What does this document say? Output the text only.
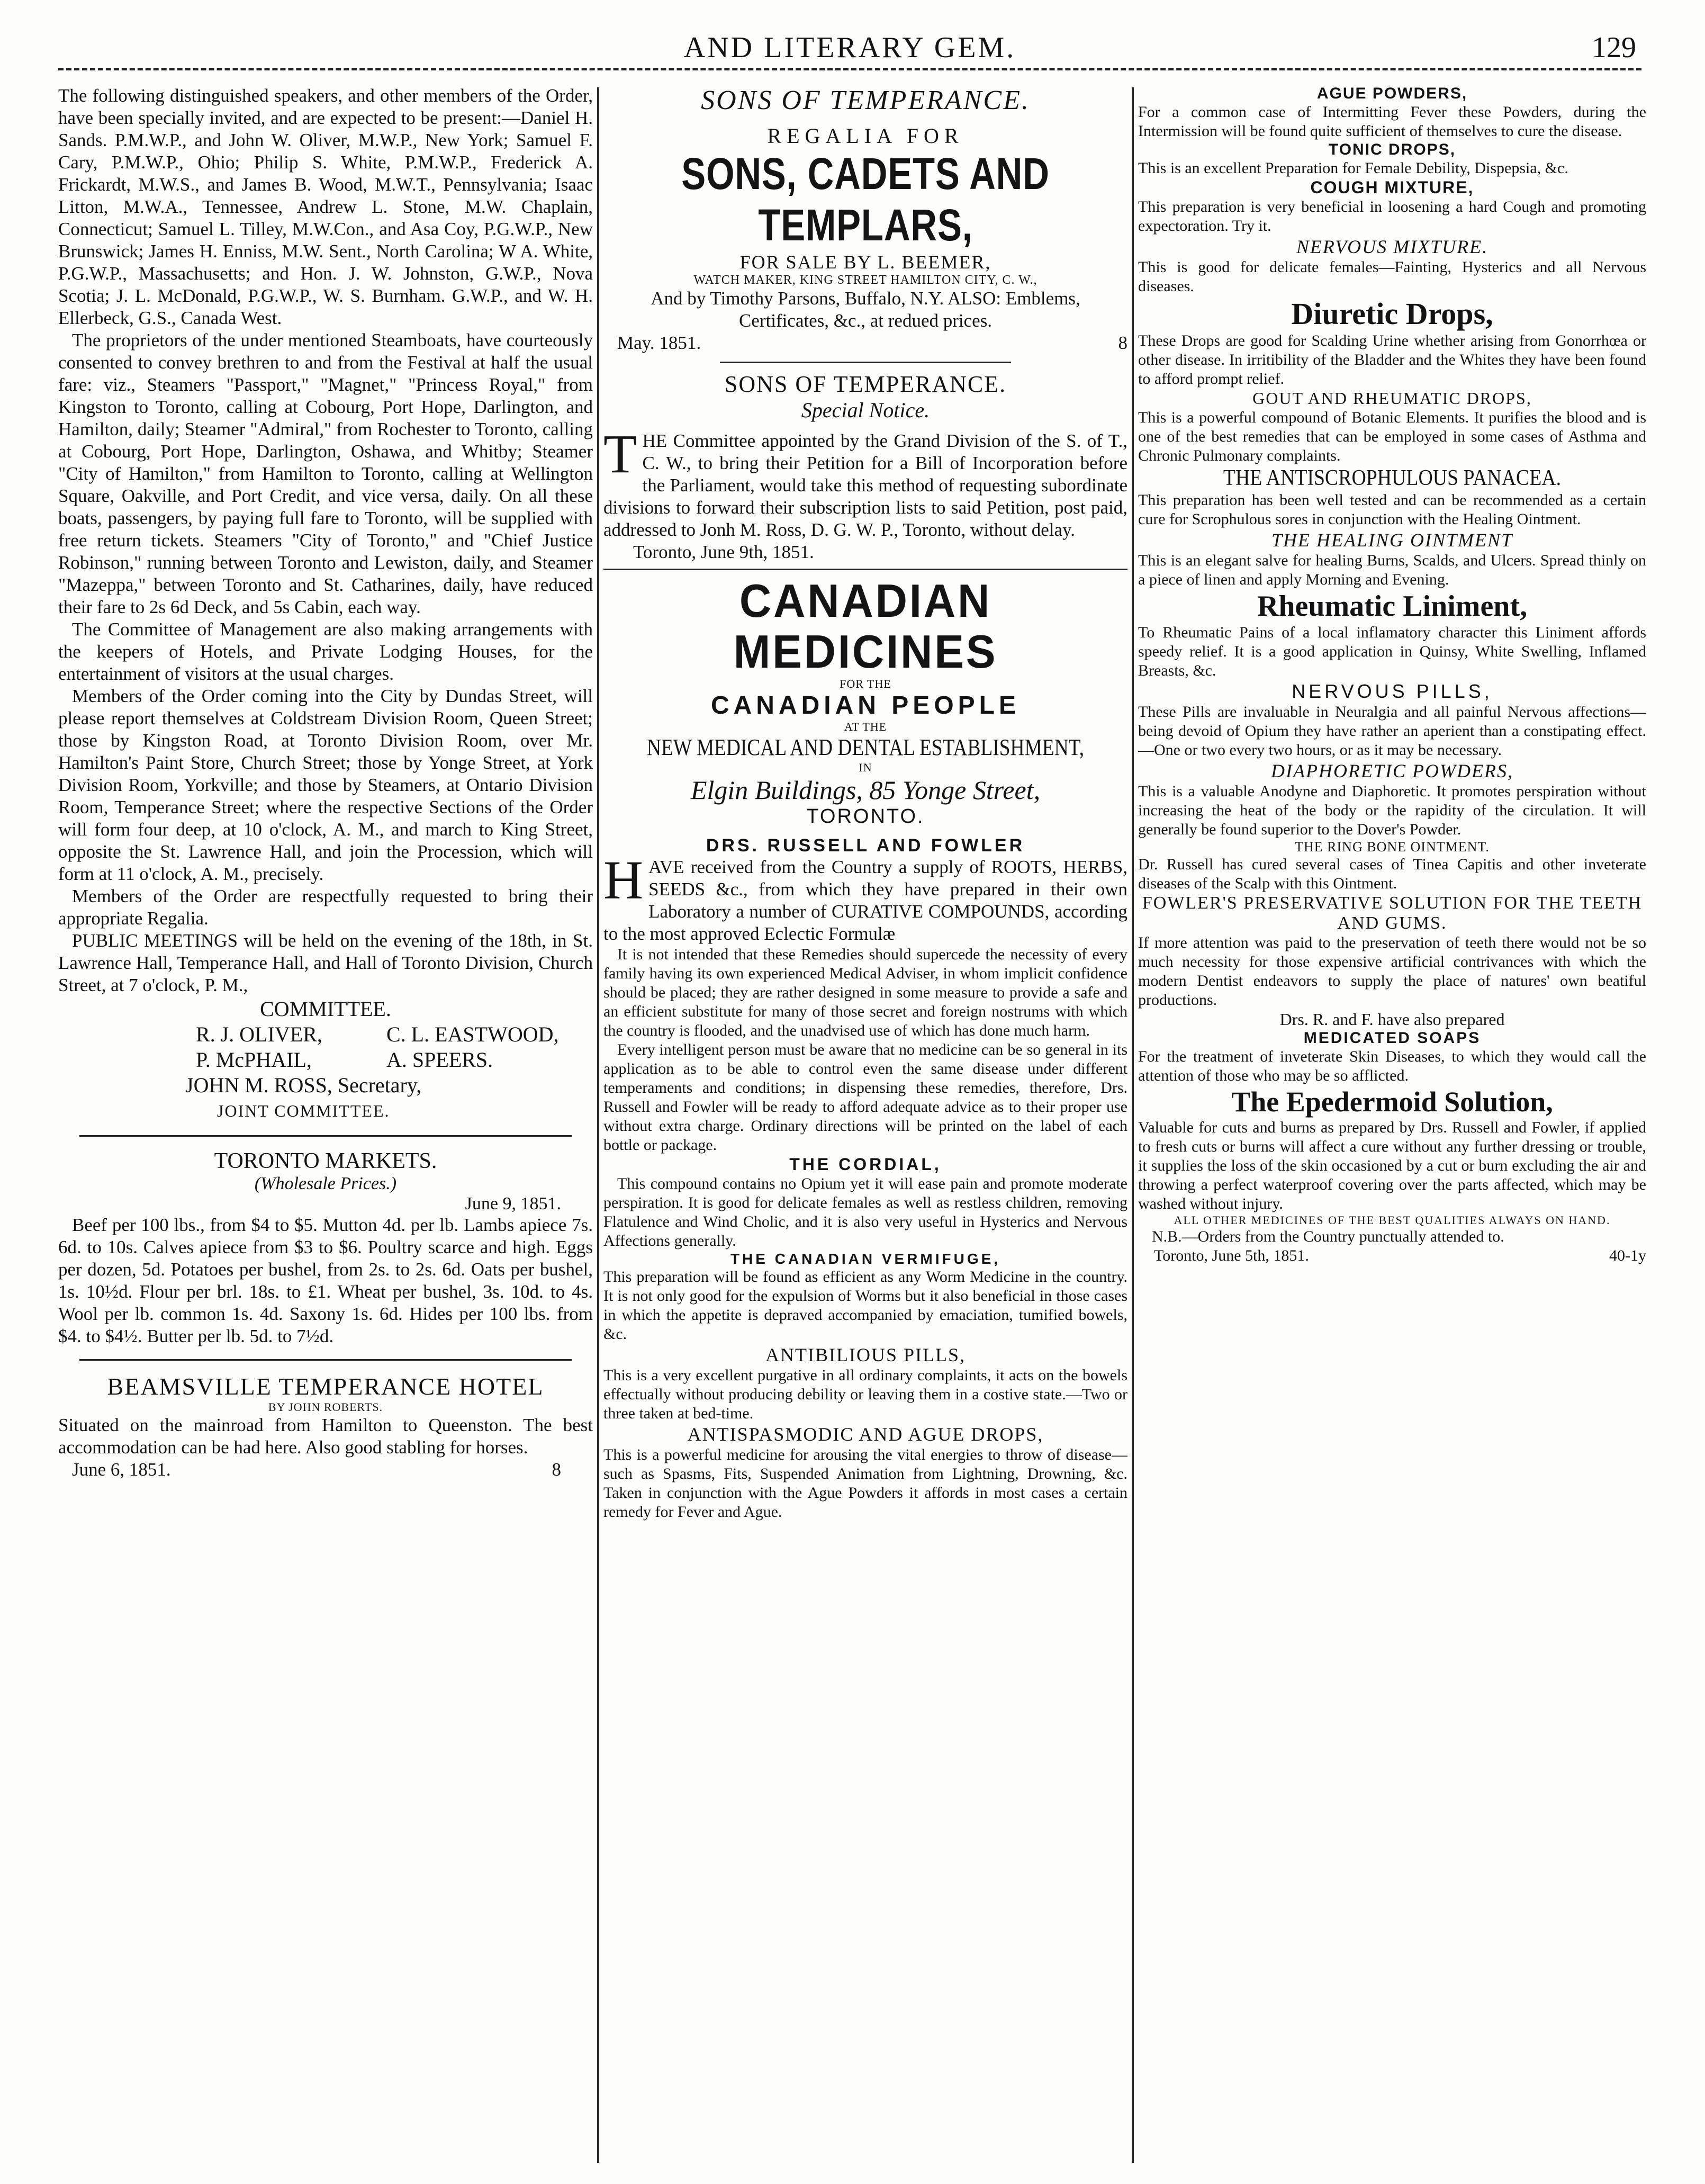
AND LITERARY GEM.	129

The following distinguished speakers, and other members of the Order, have been specially invited, and are expected to be present:—Daniel H. Sands. P.M.W.P., and John W. Oliver, M.W.P., New York; Samuel F. Cary, P.M.W.P., Ohio; Philip S. White, P.M.W.P., Frederick A. Frickardt, M.W.S., and James B. Wood, M.W.T., Pennsylvania; Isaac Litton, M.W.A., Tennessee, Andrew L. Stone, M.W. Chaplain, Connecticut; Samuel L. Tilley, M.W.Con., and Asa Coy, P.G.W.P., New Brunswick; James H. Enniss, M.W. Sent., North Carolina; W A. White, P.G.W.P., Massachusetts; and Hon. J. W. Johnston, G.W.P., Nova Scotia; J. L. McDonald, P.G.W.P., W. S. Burnham. G.W.P., and W. H. Ellerbeck, G.S., Canada West.

The proprietors of the under mentioned Steamboats, have courteously consented to convey brethren to and from the Festival at half the usual fare: viz., Steamers "Passport," "Magnet," "Princess Royal," from Kingston to Toronto, calling at Cobourg, Port Hope, Darlington, and Hamilton, daily; Steamer "Admiral," from Rochester to Toronto, calling at Cobourg, Port Hope, Darlington, Oshawa, and Whitby; Steamer "City of Hamilton," from Hamilton to Toronto, calling at Wellington Square, Oakville, and Port Credit, and vice versa, daily. On all these boats, passengers, by paying full fare to Toronto, will be supplied with free return tickets. Steamers "City of Toronto," and "Chief Justice Robinson," running between Toronto and Lewiston, daily, and Steamer "Mazeppa," between Toronto and St. Catharines, daily, have reduced their fare to 2s 6d Deck, and 5s Cabin, each way.

The Committee of Management are also making arrangements with the keepers of Hotels, and Private Lodging Houses, for the entertainment of visitors at the usual charges.

Members of the Order coming into the City by Dundas Street, will please report themselves at Coldstream Division Room, Queen Street; those by Kingston Road, at Toronto Division Room, over Mr. Hamilton's Paint Store, Church Street; those by Yonge Street, at York Division Room, Yorkville; and those by Steamers, at Ontario Division Room, Temperance Street; where the respective Sections of the Order will form four deep, at 10 o'clock, A. M., and march to King Street, opposite the St. Lawrence Hall, and join the Procession, which will form at 11 o'clock, A. M., precisely.

Members of the Order are respectfully requested to bring their appropriate Regalia.

PUBLIC MEETINGS will be held on the evening of the 18th, in St. Lawrence Hall, Temperance Hall, and Hall of Toronto Division, Church Street, at 7 o'clock, P. M.,

COMMITTEE.

R. J. OLIVER,	C. L. EASTWOOD,
P. McPHAIL,	A. SPEERS.

JOHN M. ROSS, Secretary,

JOINT COMMITTEE.

TORONTO MARKETS.

(Wholesale Prices.)

June 9, 1851.

Beef per 100 lbs., from $4 to $5. Mutton 4d. per lb. Lambs apiece 7s. 6d. to 10s. Calves apiece from $3 to $6. Poultry scarce and high. Eggs per dozen, 5d. Potatoes per bushel, from 2s. to 2s. 6d. Oats per bushel, 1s. 10½d. Flour per brl. 18s. to £1. Wheat per bushel, 3s. 10d. to 4s. Wool per lb. common 1s. 4d. Saxony 1s. 6d. Hides per 100 lbs. from $4. to $4½. Butter per lb. 5d. to 7½d.

BEAMSVILLE TEMPERANCE HOTEL

BY JOHN ROBERTS.

Situated on the mainroad from Hamilton to Queenston. The best accommodation can be had here. Also good stabling for horses.

June 6, 1851.	8

SONS OF TEMPERANCE.

REGALIA FOR

SONS, CADETS AND TEMPLARS,

FOR SALE BY L. BEEMER,

WATCH MAKER, KING STREET HAMILTON CITY, C. W.,

And by Timothy Parsons, Buffalo, N.Y. ALSO: Emblems, Certificates, &c., at redued prices.

May. 1851.	8

SONS OF TEMPERANCE.

Special Notice.

THE Committee appointed by the Grand Division of the S. of T., C. W., to bring their Petition for a Bill of Incorporation before the Parliament, would take this method of requesting subordinate divisions to forward their subscription lists to said Petition, post paid, addressed to Jonh M. Ross, D. G. W. P., Toronto, without delay.

Toronto, June 9th, 1851.

CANADIAN MEDICINES

FOR THE

CANADIAN PEOPLE

AT THE

NEW MEDICAL AND DENTAL ESTABLISHMENT,

IN

Elgin Buildings, 85 Yonge Street,

TORONTO.

DRS. RUSSELL AND FOWLER

HAVE received from the Country a supply of ROOTS, HERBS, SEEDS &c., from which they have prepared in their own Laboratory a number of CURATIVE COMPOUNDS, according to the most approved Eclectic Formulæ

It is not intended that these Remedies should supercede the necessity of every family having its own experienced Medical Adviser, in whom implicit confidence should be placed; they are rather designed in some measure to provide a safe and an efficient substitute for many of those secret and foreign nostrums with which the country is flooded, and the unadvised use of which has done much harm.

Every intelligent person must be aware that no medicine can be so general in its application as to be able to control even the same disease under different temperaments and conditions; in dispensing these remedies, therefore, Drs. Russell and Fowler will be ready to afford adequate advice as to their proper use without extra charge. Ordinary directions will be printed on the label of each bottle or package.

THE CORDIAL,

This compound contains no Opium yet it will ease pain and promote moderate perspiration. It is good for delicate females as well as restless children, removing Flatulence and Wind Cholic, and it is also very useful in Hysterics and Nervous Affections generally.

THE CANADIAN VERMIFUGE,

This preparation will be found as efficient as any Worm Medicine in the country. It is not only good for the expulsion of Worms but it also beneficial in those cases in which the appetite is depraved accompanied by emaciation, tumified bowels, &c.

ANTIBILIOUS PILLS,

This is a very excellent purgative in all ordinary complaints, it acts on the bowels effectually without producing debility or leaving them in a costive state.—Two or three taken at bed-time.

ANTISPASMODIC AND AGUE DROPS,

This is a powerful medicine for arousing the vital energies to throw of disease—such as Spasms, Fits, Suspended Animation from Lightning, Drowning, &c. Taken in conjunction with the Ague Powders it affords in most cases a certain remedy for Fever and Ague.

AGUE POWDERS,

For a common case of Intermitting Fever these Powders, during the Intermission will be found quite sufficient of themselves to cure the disease.

TONIC DROPS,

This is an excellent Preparation for Female Debility, Dispepsia, &c.

COUGH MIXTURE,

This preparation is very beneficial in loosening a hard Cough and promoting expectoration. Try it.

NERVOUS MIXTURE.

This is good for delicate females—Fainting, Hysterics and all Nervous diseases.

Diuretic Drops,

These Drops are good for Scalding Urine whether arising from Gonorrhœa or other disease. In irritibility of the Bladder and the Whites they have been found to afford prompt relief.

GOUT AND RHEUMATIC DROPS,

This is a powerful compound of Botanic Elements. It purifies the blood and is one of the best remedies that can be employed in some cases of Asthma and Chronic Pulmonary complaints.

THE ANTISCROPHULOUS PANACEA.

This preparation has been well tested and can be recommended as a certain cure for Scrophulous sores in conjunction with the Healing Ointment.

THE HEALING OINTMENT

This is an elegant salve for healing Burns, Scalds, and Ulcers. Spread thinly on a piece of linen and apply Morning and Evening.

Rheumatic Liniment,

To Rheumatic Pains of a local inflamatory character this Liniment affords speedy relief. It is a good application in Quinsy, White Swelling, Inflamed Breasts, &c.

NERVOUS PILLS,

These Pills are invaluable in Neuralgia and all painful Nervous affections—being devoid of Opium they have rather an aperient than a constipating effect.—One or two every two hours, or as it may be necessary.

DIAPHORETIC POWDERS,

This is a valuable Anodyne and Diaphoretic. It promotes perspiration without increasing the heat of the body or the rapidity of the circulation. It will generally be found superior to the Dover's Powder.

THE RING BONE OINTMENT.

Dr. Russell has cured several cases of Tinea Capitis and other inveterate diseases of the Scalp with this Ointment.

FOWLER'S PRESERVATIVE SOLUTION FOR THE TEETH AND GUMS.

If more attention was paid to the preservation of teeth there would not be so much necessity for those expensive artificial contrivances with which the modern Dentist endeavors to supply the place of natures' own beatiful productions.

Drs. R. and F. have also prepared

MEDICATED SOAPS

For the treatment of inveterate Skin Diseases, to which they would call the attention of those who may be so afflicted.

The Epedermoid Solution,

Valuable for cuts and burns as prepared by Drs. Russell and Fowler, if applied to fresh cuts or burns will affect a cure without any further dressing or trouble, it supplies the loss of the skin occasioned by a cut or burn excluding the air and throwing a perfect waterproof covering over the parts affected, which may be washed without injury.

ALL OTHER MEDICINES OF THE BEST QUALITIES ALWAYS ON HAND.

N.B.—Orders from the Country punctually attended to.

Toronto, June 5th, 1851.	40-1y
